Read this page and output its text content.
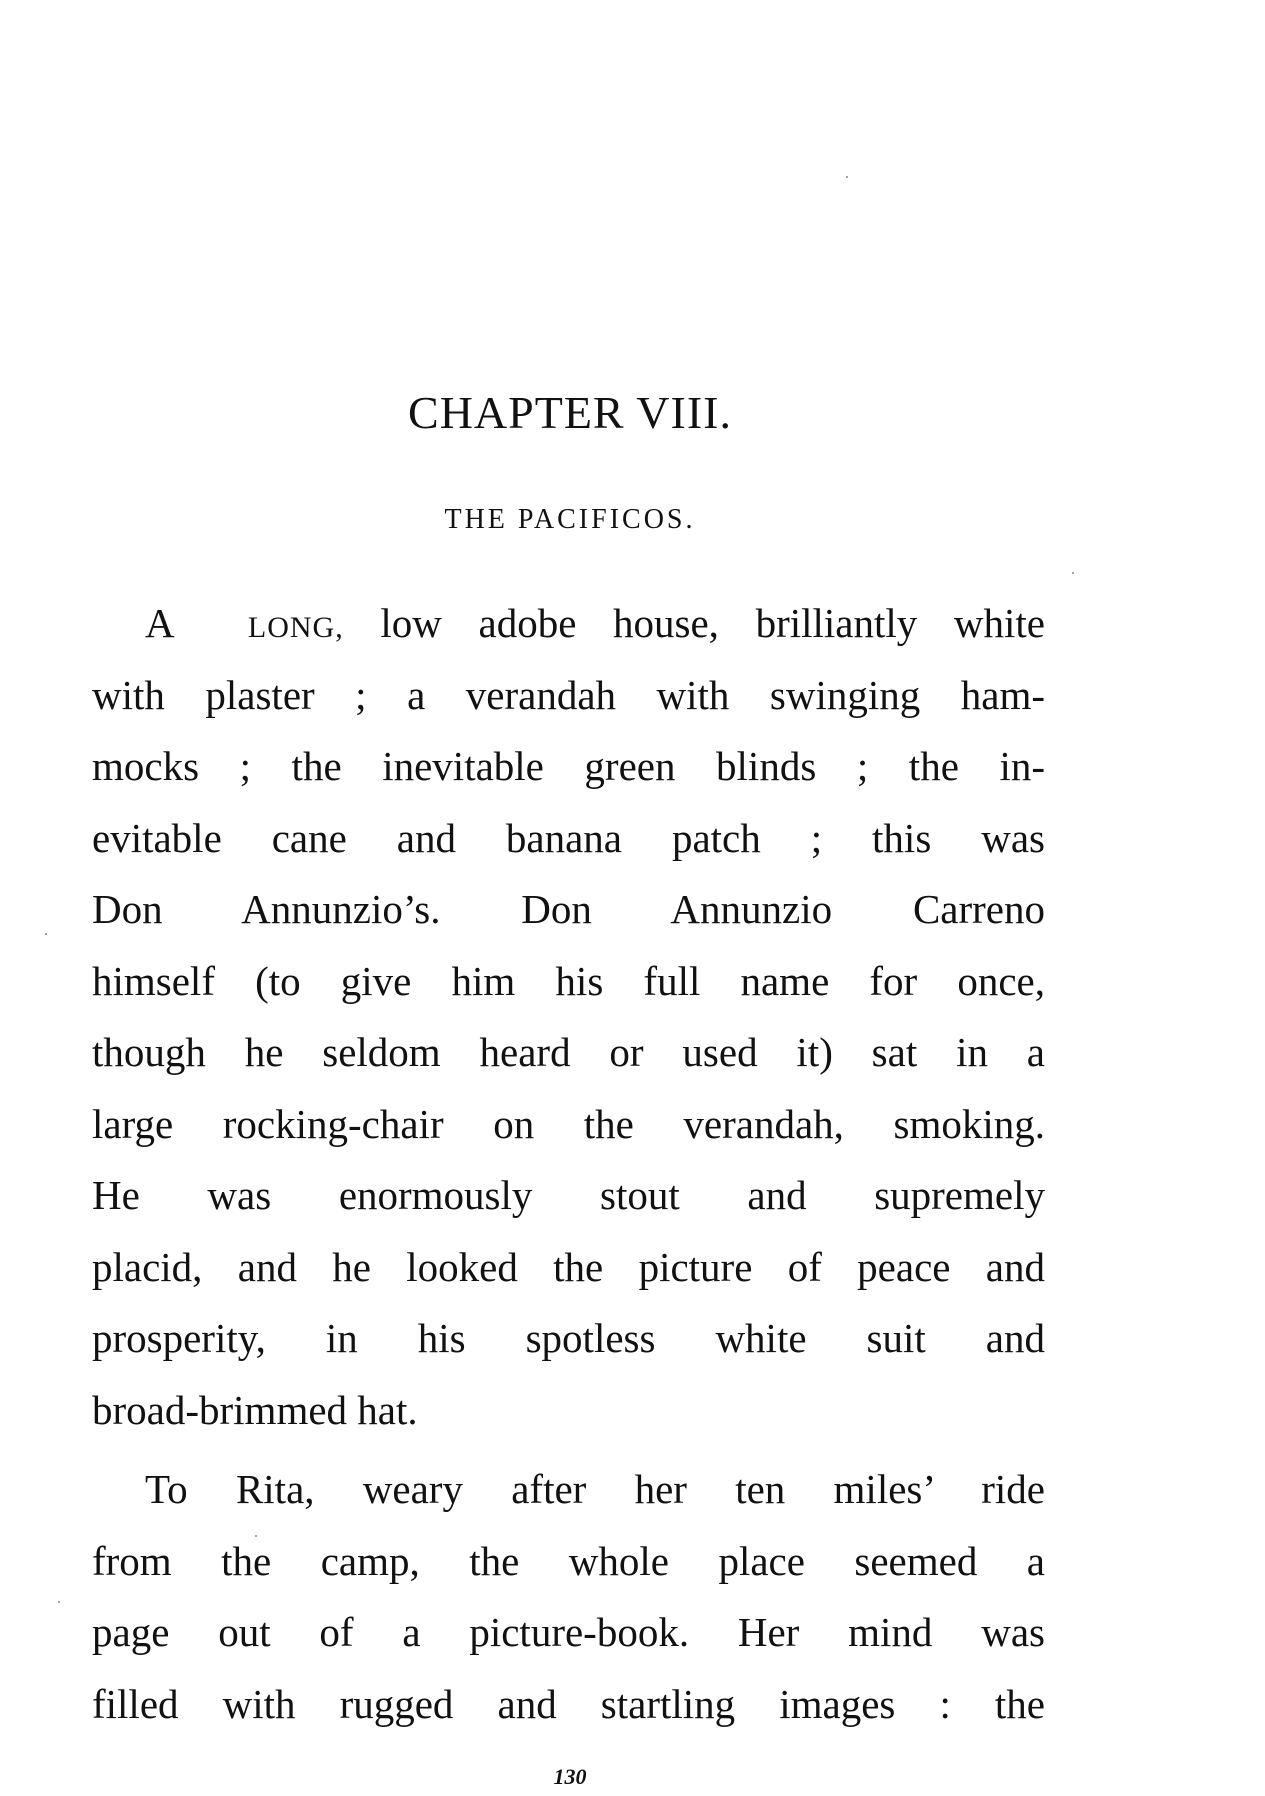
CHAPTER VIII.
THE PACIFICOS.
A LONG, low adobe house, brilliantly white
with plaster ; a verandah with swinging ham-
mocks ; the inevitable green blinds ; the in-
evitable cane and banana patch ; this was
Don Annunzio’s. Don Annunzio Carreno
himself (to give him his full name for once,
though he seldom heard or used it) sat in a
large rocking-chair on the verandah, smoking.
He was enormously stout and supremely
placid, and he looked the picture of peace and
prosperity, in his spotless white suit and
broad-brimmed hat.
To Rita, weary after her ten miles’ ride
from the camp, the whole place seemed a
page out of a picture-book. Her mind was
filled with rugged and startling images : the

130
